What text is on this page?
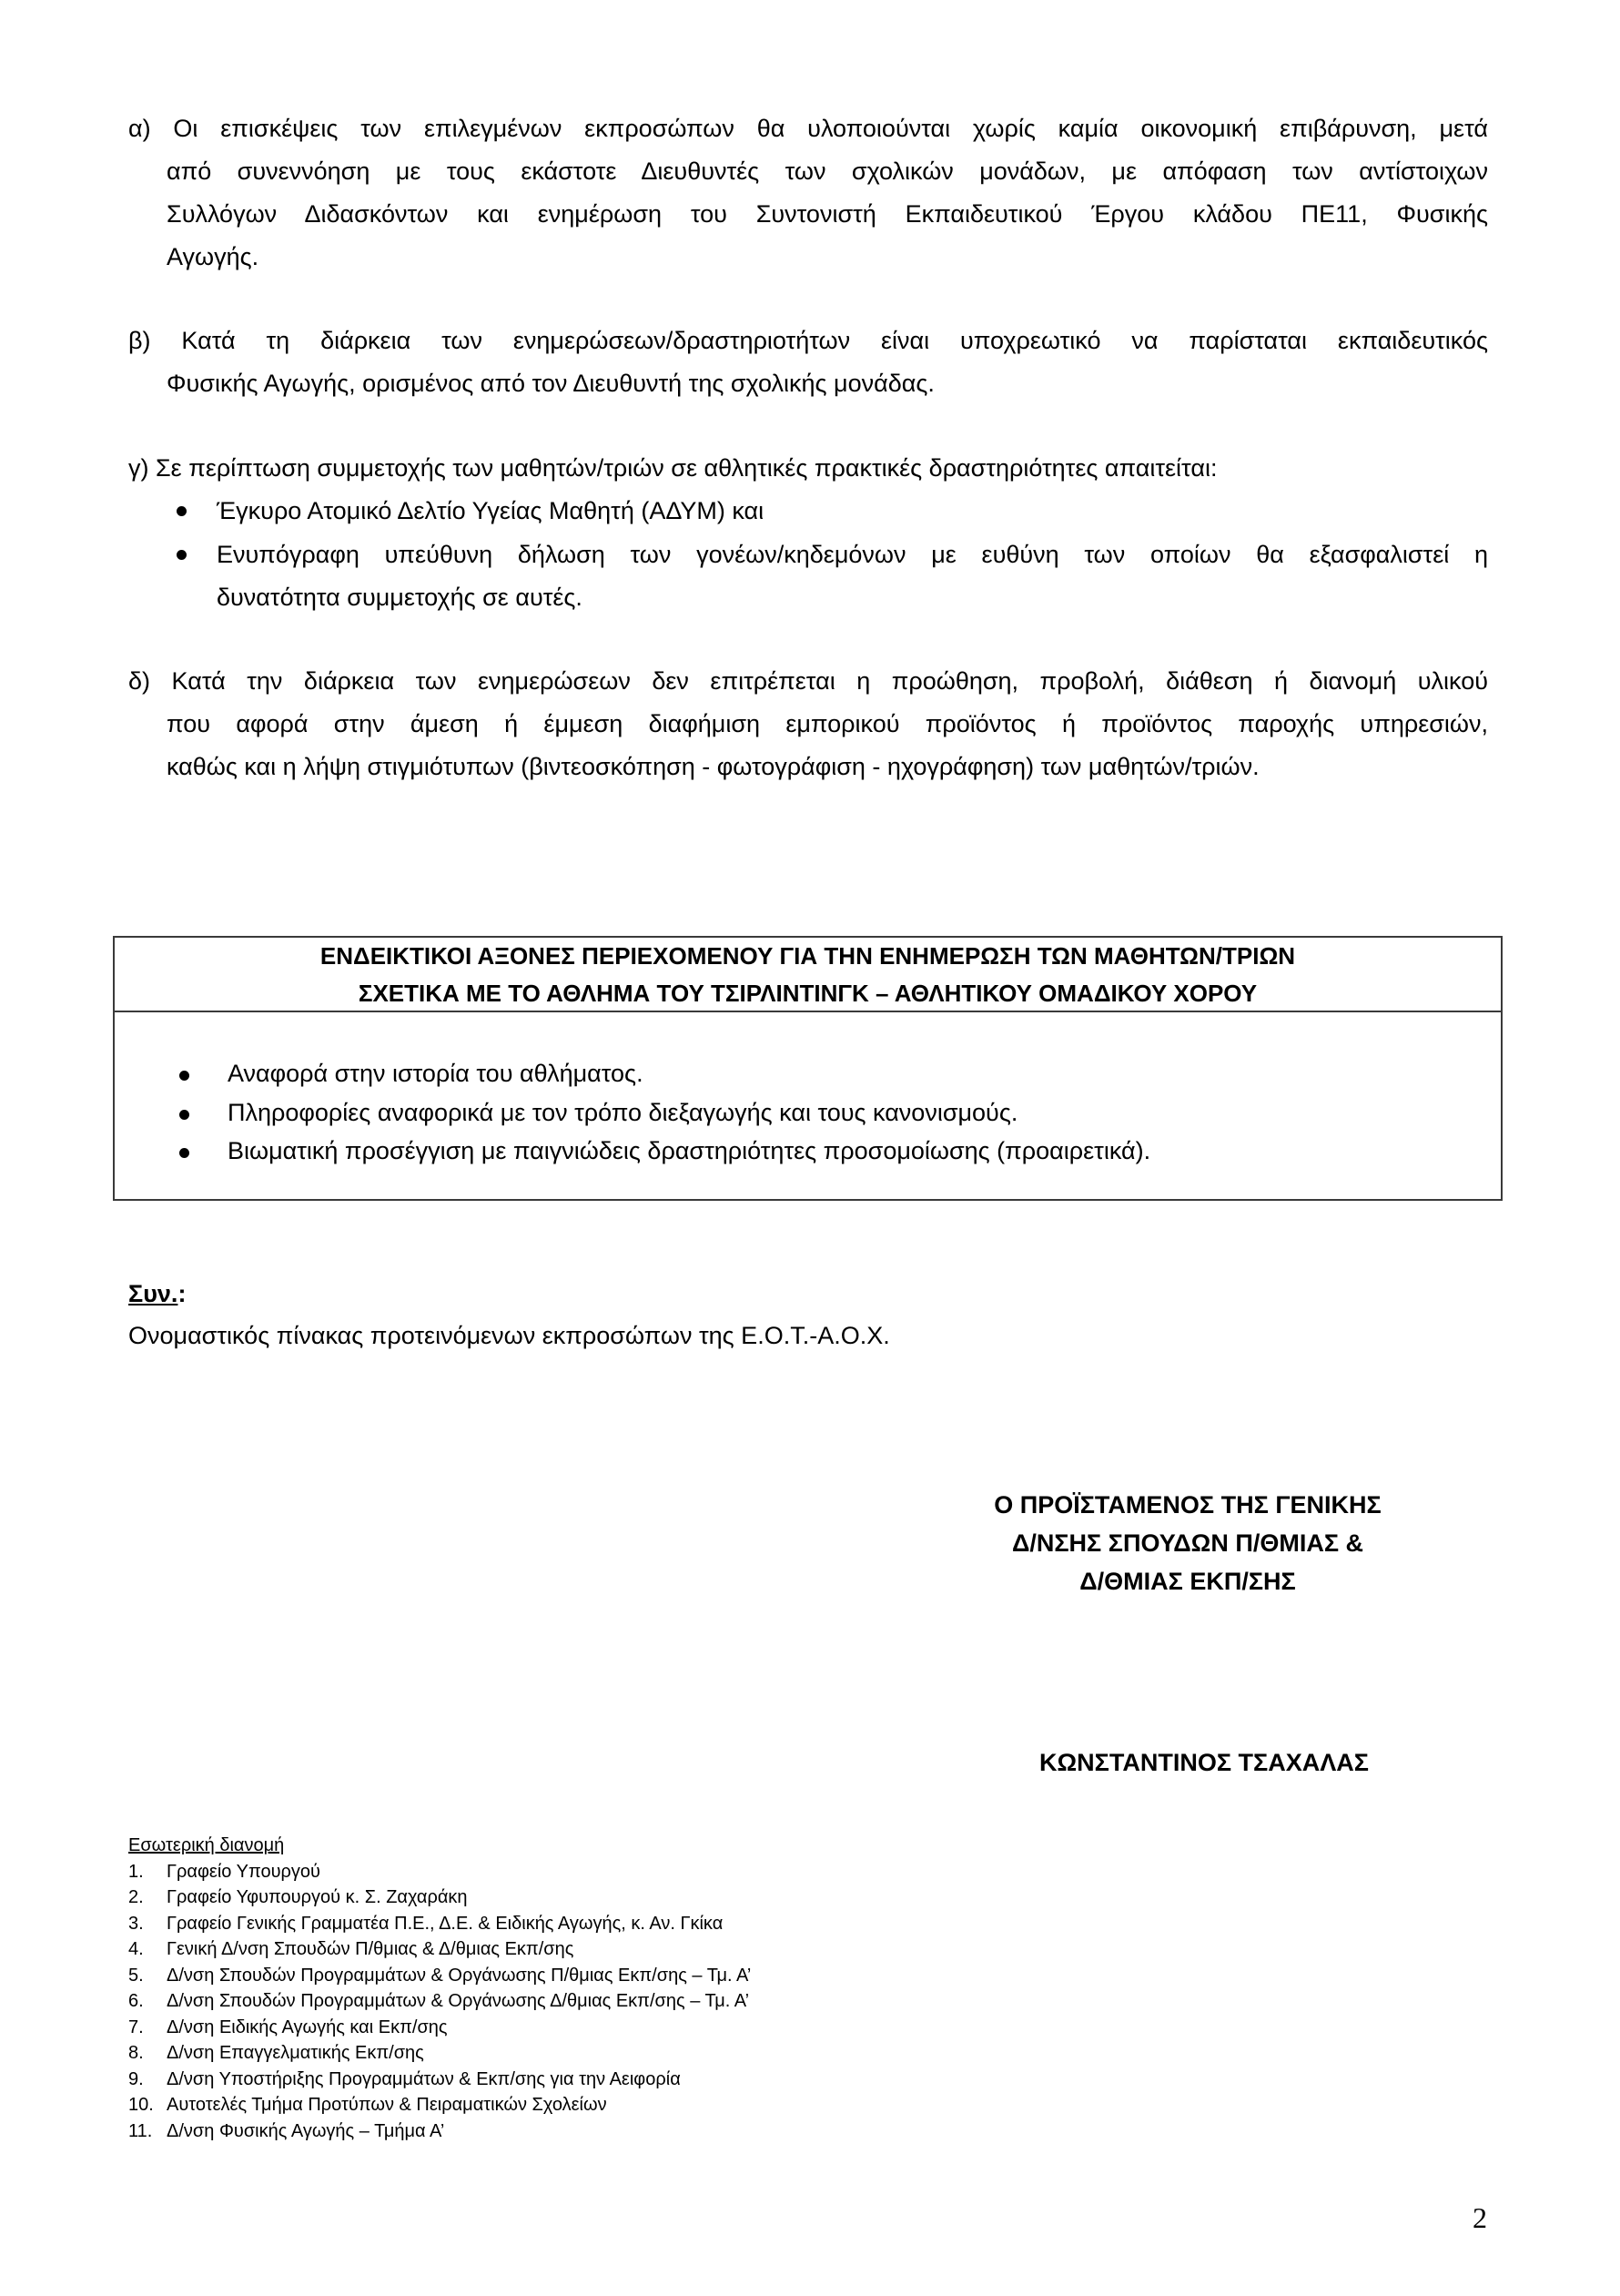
α) Οι επισκέψεις των επιλεγμένων εκπροσώπων θα υλοποιούνται χωρίς καμία οικονομική επιβάρυνση, μετά
από συνεννόηση με τους εκάστοτε Διευθυντές των σχολικών μονάδων, με απόφαση των αντίστοιχων
Συλλόγων Διδασκόντων και ενημέρωση του Συντονιστή Εκπαιδευτικού Έργου κλάδου ΠΕ11, Φυσικής
Αγωγής.
β) Κατά τη διάρκεια των ενημερώσεων/δραστηριοτήτων είναι υποχρεωτικό να παρίσταται εκπαιδευτικός
Φυσικής Αγωγής, ορισμένος από τον Διευθυντή της σχολικής μονάδας.
γ) Σε περίπτωση συμμετοχής των μαθητών/τριών σε αθλητικές πρακτικές δραστηριότητες απαιτείται:
Έγκυρο Ατομικό Δελτίο Υγείας Μαθητή (ΑΔΥΜ) και
Ενυπόγραφη υπεύθυνη δήλωση των γονέων/κηδεμόνων με ευθύνη των οποίων θα εξασφαλιστεί η
δυνατότητα συμμετοχής σε αυτές.
δ) Κατά την διάρκεια των ενημερώσεων δεν επιτρέπεται η προώθηση, προβολή, διάθεση ή διανομή υλικού
που αφορά στην άμεση ή έμμεση διαφήμιση εμπορικού προϊόντος ή προϊόντος παροχής υπηρεσιών,
καθώς και η λήψη στιγμιότυπων (βιντεοσκόπηση - φωτογράφιση - ηχογράφηση) των μαθητών/τριών.
ΕΝΔΕΙΚΤΙΚΟΙ ΑΞΟΝΕΣ ΠΕΡΙΕΧΟΜΕΝΟΥ ΓΙΑ ΤΗΝ ΕΝΗΜΕΡΩΣΗ ΤΩΝ ΜΑΘΗΤΩΝ/ΤΡΙΩΝ
ΣΧΕΤΙΚΑ ΜΕ ΤΟ ΑΘΛΗΜΑ ΤΟΥ ΤΣΙΡΛΙΝΤΙΝΓΚ – ΑΘΛΗΤΙΚΟΥ ΟΜΑΔΙΚΟΥ ΧΟΡΟΥ
Αναφορά στην ιστορία του αθλήματος.
Πληροφορίες αναφορικά με τον τρόπο διεξαγωγής και τους κανονισμούς.
Βιωματική προσέγγιση με παιγνιώδεις δραστηριότητες προσομοίωσης (προαιρετικά).
Συν.:
Ονομαστικός πίνακας προτεινόμενων εκπροσώπων της Ε.Ο.Τ.-Α.Ο.Χ.
Ο ΠΡΟΪΣΤΑΜΕΝΟΣ ΤΗΣ ΓΕΝΙΚΗΣ
Δ/ΝΣΗΣ ΣΠΟΥΔΩΝ Π/ΘΜΙΑΣ &
Δ/ΘΜΙΑΣ ΕΚΠ/ΣΗΣ
ΚΩΝΣΤΑΝΤΙΝΟΣ ΤΣΑΧΑΛΑΣ
Εσωτερική διανομή
1. Γραφείο Υπουργού
2. Γραφείο Υφυπουργού κ. Σ. Ζαχαράκη
3. Γραφείο Γενικής Γραμματέα Π.Ε., Δ.Ε. & Ειδικής Αγωγής, κ. Αν. Γκίκα
4. Γενική Δ/νση Σπουδών Π/θμιας & Δ/θμιας Εκπ/σης
5. Δ/νση Σπουδών Προγραμμάτων & Οργάνωσης Π/θμιας Εκπ/σης – Τμ. Α’
6. Δ/νση Σπουδών Προγραμμάτων & Οργάνωσης Δ/θμιας Εκπ/σης – Τμ. Α’
7. Δ/νση Ειδικής Αγωγής και Εκπ/σης
8. Δ/νση Επαγγελματικής Εκπ/σης
9. Δ/νση Υποστήριξης Προγραμμάτων & Εκπ/σης για την Αειφορία
10. Αυτοτελές Τμήμα Προτύπων & Πειραματικών Σχολείων
11. Δ/νση Φυσικής Αγωγής – Τμήμα Α’
2
